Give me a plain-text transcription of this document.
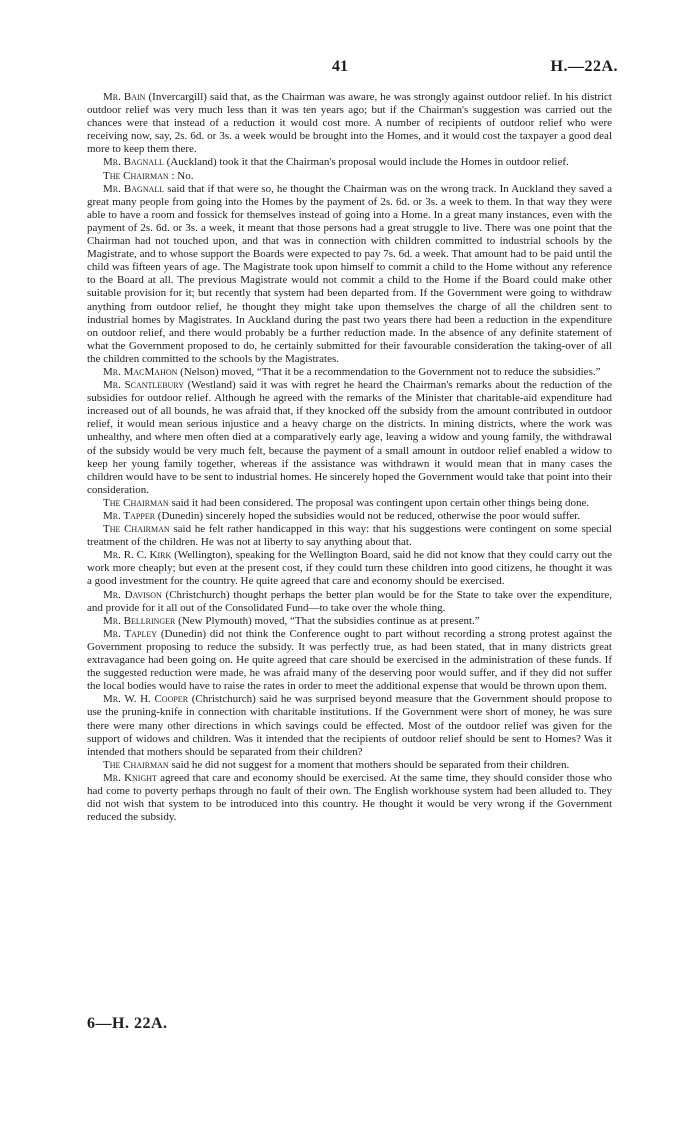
41	H.—22A.

Mr. Bain (Invercargill) said that, as the Chairman was aware, he was strongly against outdoor relief. In his district outdoor relief was very much less than it was ten years ago; but if the Chairman's suggestion was carried out the chances were that instead of a reduction it would cost more. A number of recipients of outdoor relief who were receiving now, say, 2s. 6d. or 3s. a week would be brought into the Homes, and it would cost the taxpayer a good deal more to keep them there.

Mr. Bagnall (Auckland) took it that the Chairman's proposal would include the Homes in outdoor relief.

The Chairman : No.

Mr. Bagnall said that if that were so, he thought the Chairman was on the wrong track. In Auckland they saved a great many people from going into the Homes by the payment of 2s. 6d. or 3s. a week to them. In that way they were able to have a room and fossick for themselves instead of going into a Home. In a great many instances, even with the payment of 2s. 6d. or 3s. a week, it meant that those persons had a great struggle to live. There was one point that the Chairman had not touched upon, and that was in connection with children committed to industrial schools by the Magistrate, and to whose support the Boards were expected to pay 7s. 6d. a week. That amount had to be paid until the child was fifteen years of age. The Magistrate took upon himself to commit a child to the Home without any reference to the Board at all. The previous Magistrate would not commit a child to the Home if the Board could make other suitable provision for it; but recently that system had been departed from. If the Government were going to withdraw anything from outdoor relief, he thought they might take upon themselves the charge of all the children sent to industrial homes by Magistrates. In Auckland during the past two years there had been a reduction in the expenditure on outdoor relief, and there would probably be a further reduction made. In the absence of any definite statement of what the Government proposed to do, he certainly submitted for their favourable consideration the taking-over of all the children committed to the schools by the Magistrates.

Mr. MacMahon (Nelson) moved, “That it be a recommendation to the Government not to reduce the subsidies.”

Mr. Scantlebury (Westland) said it was with regret he heard the Chairman's remarks about the reduction of the subsidies for outdoor relief. Although he agreed with the remarks of the Minister that charitable-aid expenditure had increased out of all bounds, he was afraid that, if they knocked off the subsidy from the amount contributed in outdoor relief, it would mean serious injustice and a heavy charge on the districts. In mining districts, where the work was unhealthy, and where men often died at a comparatively early age, leaving a widow and young family, the withdrawal of the subsidy would be very much felt, because the payment of a small amount in outdoor relief enabled a widow to keep her young family together, whereas if the assistance was withdrawn it would mean that in many cases the children would have to be sent to industrial homes. He sincerely hoped the Government would take that point into their consideration.

The Chairman said it had been considered. The proposal was contingent upon certain other things being done.

Mr. Tapper (Dunedin) sincerely hoped the subsidies would not be reduced, otherwise the poor would suffer.

The Chairman said he felt rather handicapped in this way: that his suggestions were contingent on some special treatment of the children. He was not at liberty to say anything about that.

Mr. R. C. Kirk (Wellington), speaking for the Wellington Board, said he did not know that they could carry out the work more cheaply; but even at the present cost, if they could turn these children into good citizens, he thought it was a good investment for the country. He quite agreed that care and economy should be exercised.

Mr. Davison (Christchurch) thought perhaps the better plan would be for the State to take over the expenditure, and provide for it all out of the Consolidated Fund—to take over the whole thing.

Mr. Bellringer (New Plymouth) moved, “That the subsidies continue as at present.”

Mr. Tapley (Dunedin) did not think the Conference ought to part without recording a strong protest against the Government proposing to reduce the subsidy. It was perfectly true, as had been stated, that in many districts great extravagance had been going on. He quite agreed that care should be exercised in the administration of these funds. If the suggested reduction were made, he was afraid many of the deserving poor would suffer, and if they did not suffer the local bodies would have to raise the rates in order to meet the additional expense that would be thrown upon them.

Mr. W. H. Cooper (Christchurch) said he was surprised beyond measure that the Government should propose to use the pruning-knife in connection with charitable institutions. If the Government were short of money, he was sure there were many other directions in which savings could be effected. Most of the outdoor relief was given for the support of widows and children. Was it intended that the recipients of outdoor relief should be sent to Homes? Was it intended that mothers should be separated from their children?

The Chairman said he did not suggest for a moment that mothers should be separated from their children.

Mr. Knight agreed that care and economy should be exercised. At the same time, they should consider those who had come to poverty perhaps through no fault of their own. The English workhouse system had been alluded to. They did not wish that system to be introduced into this country. He thought it would be very wrong if the Government reduced the subsidy.

6—H. 22A.
